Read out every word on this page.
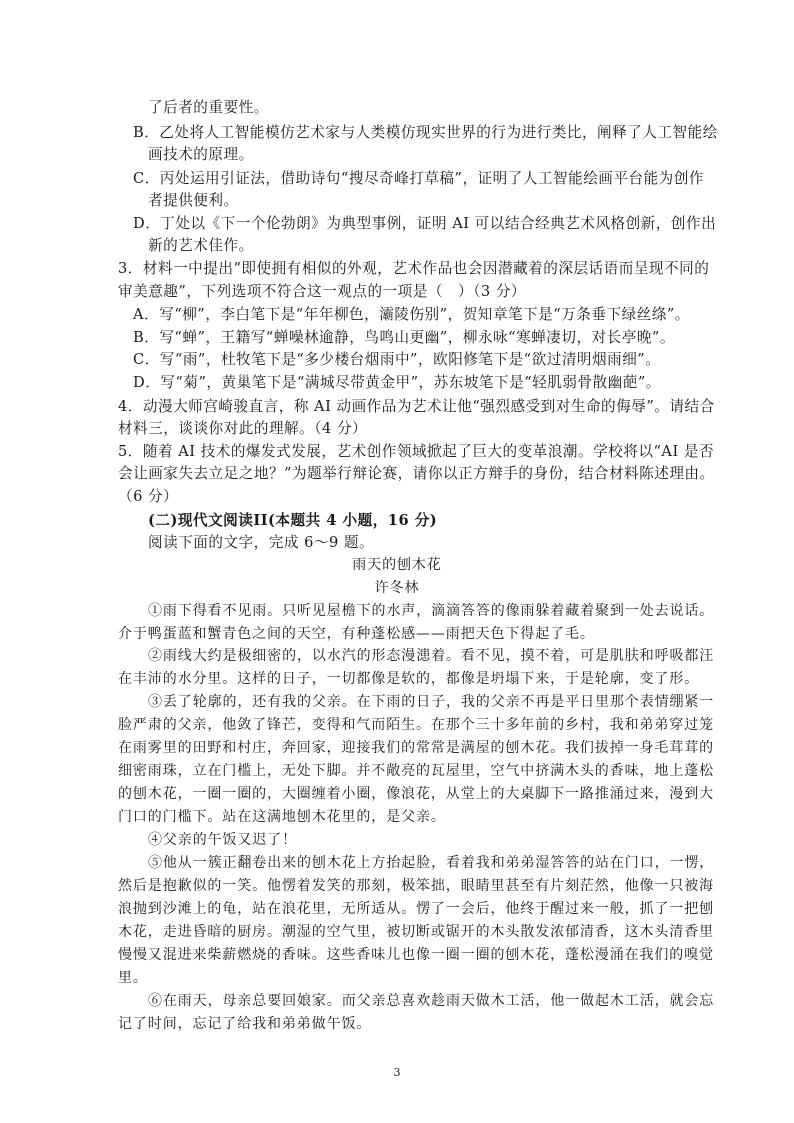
了后者的重要性。
B．乙处将人工智能模仿艺术家与人类模仿现实世界的行为进行类比，阐释了人工智能绘
画技术的原理。
C．丙处运用引证法，借助诗句“搜尽奇峰打草稿”，证明了人工智能绘画平台能为创作
者提供便利。
D．丁处以《下一个伦勃朗》为典型事例，证明 AI 可以结合经典艺术风格创新，创作出
新的艺术佳作。
3．材料一中提出“即使拥有相似的外观，艺术作品也会因潜藏着的深层话语而呈现不同的
审美意趣”，下列选项不符合这一观点的一项是（　）（3 分）
A．写“柳”，李白笔下是“年年柳色，灞陵伤别”，贺知章笔下是“万条垂下绿丝绦”。
B．写“蝉”，王籍写“蝉噪林逾静，鸟鸣山更幽”，柳永咏“寒蝉凄切，对长亭晚”。
C．写“雨”，杜牧笔下是“多少楼台烟雨中”，欧阳修笔下是“欲过清明烟雨细”。
D．写“菊”，黄巢笔下是“满城尽带黄金甲”，苏东坡笔下是“轻肌弱骨散幽葩”。
4．动漫大师宫崎骏直言，称 AI 动画作品为艺术让他“强烈感受到对生命的侮辱”。请结合
材料三，谈谈你对此的理解。（4 分）
5．随着 AI 技术的爆发式发展，艺术创作领域掀起了巨大的变革浪潮。学校将以“AI 是否
会让画家失去立足之地？”为题举行辩论赛，请你以正方辩手的身份，结合材料陈述理由。
（6 分）
(二)现代文阅读II(本题共 4 小题，16 分)
阅读下面的文字，完成 6～9 题。
雨天的刨木花
许冬林
①雨下得看不见雨。只听见屋檐下的水声，滴滴答答的像雨躲着藏着聚到一处去说话。
介于鸭蛋蓝和蟹青色之间的天空，有种蓬松感——雨把天色下得起了毛。
②雨线大约是极细密的，以水汽的形态漫漶着。看不见，摸不着，可是肌肤和呼吸都汪
在丰沛的水分里。这样的日子，一切都像是软的，都像是坍塌下来，于是轮廓，变了形。
③丢了轮廓的，还有我的父亲。在下雨的日子，我的父亲不再是平日里那个表情绷紧一
脸严肃的父亲，他敛了锋芒，变得和气而陌生。在那个三十多年前的乡村，我和弟弟穿过笼
在雨雾里的田野和村庄，奔回家，迎接我们的常常是满屋的刨木花。我们拔掉一身毛茸茸的
细密雨珠，立在门槛上，无处下脚。并不敞亮的瓦屋里，空气中挤满木头的香味，地上蓬松
的刨木花，一圈一圈的，大圈缠着小圈，像浪花，从堂上的大桌脚下一路推涌过来，漫到大
门口的门槛下。站在这满地刨木花里的，是父亲。
④父亲的午饭又迟了！
⑤他从一簇正翻卷出来的刨木花上方抬起脸，看着我和弟弟湿答答的站在门口，一愣，
然后是抱歉似的一笑。他愣着发笑的那刻，极笨拙，眼睛里甚至有片刻茫然，他像一只被海
浪抛到沙滩上的龟，站在浪花里，无所适从。愣了一会后，他终于醒过来一般，抓了一把刨
木花，走进昏暗的厨房。潮湿的空气里，被切断或锯开的木头散发浓郁清香，这木头清香里
慢慢又混进来柴薪燃烧的香味。这些香味儿也像一圈一圈的刨木花，蓬松漫涌在我们的嗅觉
里。
⑥在雨天，母亲总要回娘家。而父亲总喜欢趁雨天做木工活，他一做起木工活，就会忘
记了时间，忘记了给我和弟弟做午饭。
3
